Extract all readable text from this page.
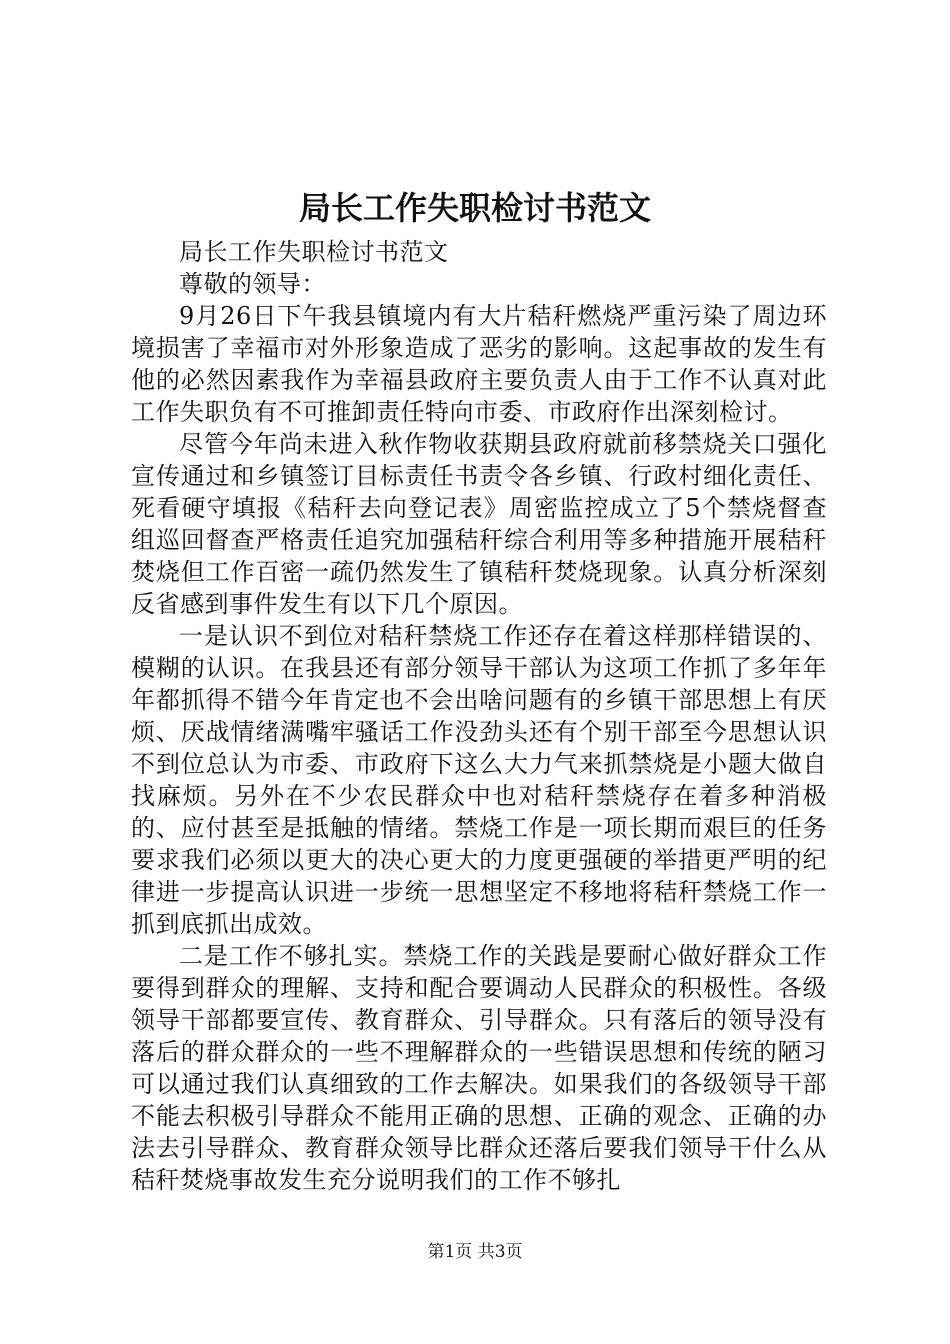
局长工作失职检讨书范文

局长工作失职检讨书范文

尊敬的领导：

9月26日下午我县镇境内有大片秸秆燃烧严重污染了周边环境损害了幸福市对外形象造成了恶劣的影响。这起事故的发生有他的必然因素我作为幸福县政府主要负责人由于工作不认真对此工作失职负有不可推卸责任特向市委、市政府作出深刻检讨。

尽管今年尚未进入秋作物收获期县政府就前移禁烧关口强化宣传通过和乡镇签订目标责任书责令各乡镇、行政村细化责任、死看硬守填报《秸秆去向登记表》周密监控成立了5个禁烧督查组巡回督查严格责任追究加强秸秆综合利用等多种措施开展秸秆焚烧但工作百密一疏仍然发生了镇秸秆焚烧现象。认真分析深刻反省感到事件发生有以下几个原因。

一是认识不到位对秸秆禁烧工作还存在着这样那样错误的、模糊的认识。在我县还有部分领导干部认为这项工作抓了多年年年都抓得不错今年肯定也不会出啥问题有的乡镇干部思想上有厌烦、厌战情绪满嘴牢骚话工作没劲头还有个别干部至今思想认识不到位总认为市委、市政府下这么大力气来抓禁烧是小题大做自找麻烦。另外在不少农民群众中也对秸秆禁烧存在着多种消极的、应付甚至是抵触的情绪。禁烧工作是一项长期而艰巨的任务要求我们必须以更大的决心更大的力度更强硬的举措更严明的纪律进一步提高认识进一步统一思想坚定不移地将秸秆禁烧工作一抓到底抓出成效。

二是工作不够扎实。禁烧工作的关践是要耐心做好群众工作要得到群众的理解、支持和配合要调动人民群众的积极性。各级领导干部都要宣传、教育群众、引导群众。只有落后的领导没有落后的群众群众的一些不理解群众的一些错误思想和传统的陋习可以通过我们认真细致的工作去解决。如果我们的各级领导干部不能去积极引导群众不能用正确的思想、正确的观念、正确的办法去引导群众、教育群众领导比群众还落后要我们领导干什么从秸秆焚烧事故发生充分说明我们的工作不够扎

第1页 共3页
